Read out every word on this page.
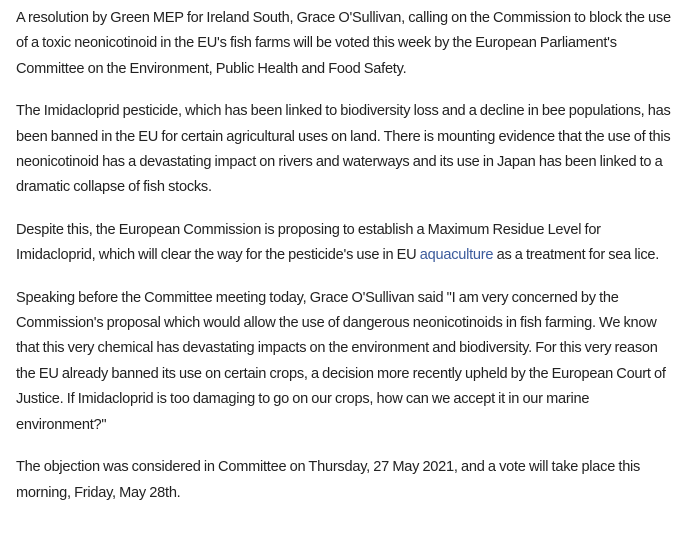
A resolution by Green MEP for Ireland South, Grace O'Sullivan, calling on the Commission to block the use of a toxic neonicotinoid in the EU's fish farms will be voted this week by the European Parliament's Committee on the Environment, Public Health and Food Safety.

The Imidacloprid pesticide, which has been linked to biodiversity loss and a decline in bee populations, has been banned in the EU for certain agricultural uses on land. There is mounting evidence that the use of this neonicotinoid has a devastating impact on rivers and waterways and its use in Japan has been linked to a dramatic collapse of fish stocks.

Despite this, the European Commission is proposing to establish a Maximum Residue Level for Imidacloprid, which will clear the way for the pesticide's use in EU aquaculture as a treatment for sea lice.

Speaking before the Committee meeting today, Grace O'Sullivan said "I am very concerned by the Commission's proposal which would allow the use of dangerous neonicotinoids in fish farming. We know that this very chemical has devastating impacts on the environment and biodiversity. For this very reason the EU already banned its use on certain crops, a decision more recently upheld by the European Court of Justice. If Imidacloprid is too damaging to go on our crops, how can we accept it in our marine environment?"

The objection was considered in Committee on Thursday, 27 May 2021, and a vote will take place this morning, Friday, May 28th.
